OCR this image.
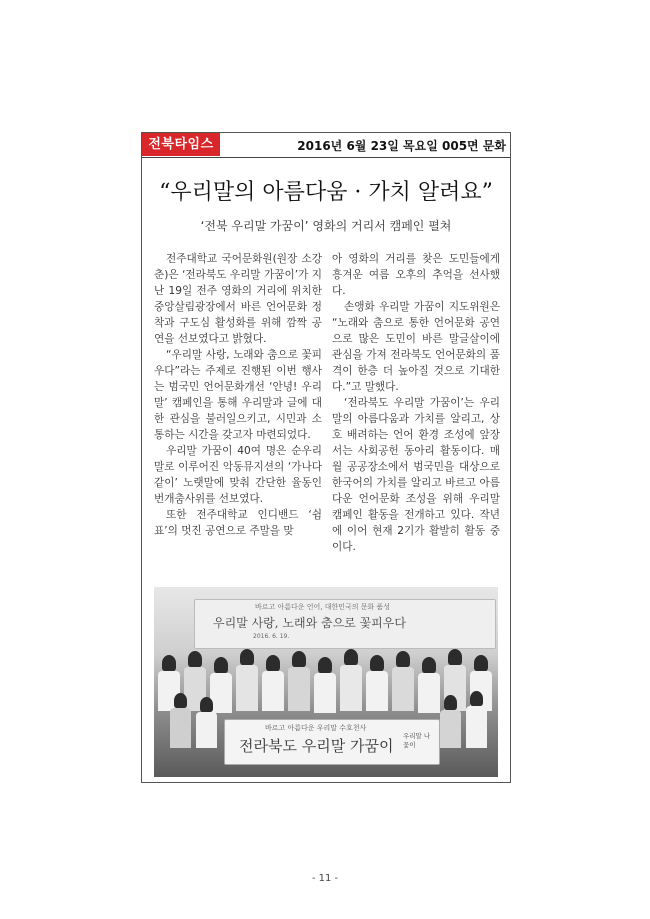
전북타임스	2016년 6월 23일 목요일 005면 문화
“우리말의 아름다움 · 가치 알려요”
‘전북 우리말 가꿈이’ 영화의 거리서 캠페인 펼쳐

전주대학교 국어문화원(원장 소강춘)은 ‘전라북도 우리말 가꿈이’가 지난 19일 전주 영화의 거리에 위치한 중앙살림광장에서 바른 언어문화 정착과 구도심 활성화를 위해 깜짝 공연을 선보였다고 밝혔다.

“우리말 사랑, 노래와 춤으로 꽃피우다”라는 주제로 진행된 이번 행사는 범국민 언어문화개선 ‘안녕! 우리말’ 캠페인을 통해 우리말과 글에 대한 관심을 불러일으키고, 시민과 소통하는 시간을 갖고자 마련되었다.

우리말 가꿈이 40여 명은 순우리말로 이루어진 악동뮤지션의 ‘가나다같이’ 노랫말에 맞춰 간단한 율동인 번개춤사위를 선보였다.

또한 전주대학교 인디밴드 ‘쉼표’의 멋진 공연으로 주말을 맞

아 영화의 거리를 찾은 도민들에게 흥겨운 여름 오후의 추억을 선사했다.

손앵화 우리말 가꿈이 지도위원은 “노래와 춤으로 통한 언어문화 공연으로 많은 도민이 바른 말글살이에 관심을 가져 전라북도 언어문화의 품격이 한층 더 높아질 것으로 기대한다.”고 말했다.

‘전라북도 우리말 가꿈이’는 우리말의 아름다움과 가치를 알리고, 상호 배려하는 언어 환경 조성에 앞장서는 사회공헌 동아리 활동이다. 매월 공공장소에서 범국민을 대상으로 한국어의 가치를 알리고 바르고 아름다운 언어문화 조성을 위해 우리말 캠페인 활동을 전개하고 있다. 작년에 이어 현재 2기가 활발히 활동 중이다.

바르고 아름다운 언어, 대한민국의 문화 품성
우리말 사랑, 노래와 춤으로 꽃피우다
2016. 6. 19.
바르고 아름다운 우리말 수호천사
전라북도 우리말 가꿈이
우리말 나 꽃이
- 11 -
